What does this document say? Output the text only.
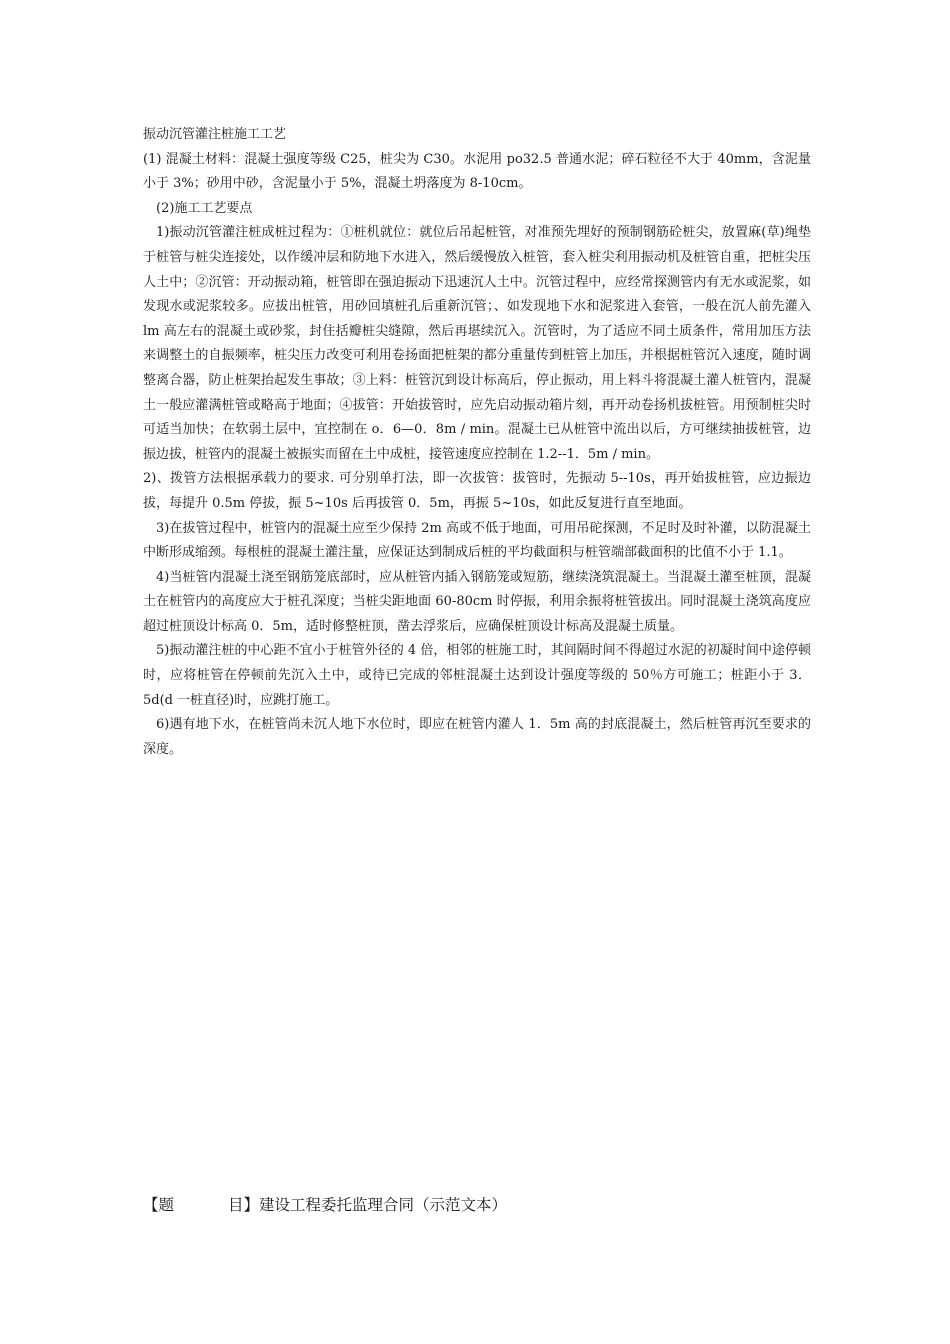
振动沉管灌注桩施工工艺

(1) 混凝土材料：混凝土强度等级 C25，桩尖为 C30。水泥用 po32.5 普通水泥；碎石粒径不大于 40mm，含泥量小于 3%；砂用中砂，含泥量小于 5%，混凝土坍落度为 8-10cm。

(2)施工工艺要点

1)振动沉管灌注桩成桩过程为：①桩机就位：就位后吊起桩管，对准预先埋好的预制钢筋砼桩尖，放置麻(草)绳垫于桩管与桩尖连接处，以作缓冲层和防地下水进入，然后缓慢放入桩管，套入桩尖利用振动机及桩管自重，把桩尖压人土中；②沉管：开动振动箱，桩管即在强迫振动下迅速沉人土中。沉管过程中，应经常探测管内有无水或泥浆，如发现水或泥浆较多。应拔出桩管，用砂回填桩孔后重新沉管；、如发现地下水和泥浆进入套管，一般在沉人前先灌入 lm 高左右的混凝土或砂浆，封住括瓣桩尖缝隙，然后再堪续沉入。沉管时，为了适应不同土质条件，常用加压方法来调整土的自振频率，桩尖压力改变可利用卷扬面把桩架的都分重量传到桩管上加压，并根据桩管沉入速度，随时调整离合器，防止桩架抬起发生事故；③上料：桩管沉到设计标高后，停止振动，用上料斗将混凝土灌人桩管内，混凝土一般应灌满桩管或略高于地面；④拔管：开始拔管时，应先启动振动箱片刻，再开动卷扬机拔桩管。用预制桩尖时可适当加快；在软弱土层中，宜控制在 o．6—0．8m / min。混凝土已从桩管中流出以后，方可继续抽拔桩管，边振边拔，桩管内的混凝土被振实而留在土中成桩，接管速度应控制在 1.2--1．5m / min。

2)、拨管方法根据承载力的要求. 可分别单打法，即一次拔管：拔管时，先振动 5--10s，再开始拔桩管，应边振边拔，每提升 0.5m 停拔，振 5~10s 后再拔管 0．5m，再振 5~10s，如此反复进行直至地面。

3)在拔管过程中，桩管内的混凝土应至少保持 2m 高或不低于地面，可用吊砣探测，不足时及时补灌，以防混凝土中断形成缩颈。每根桩的混凝土灌注量，应保证达到制成后桩的平均截面积与桩管端部截面积的比值不小于 1.1。

4)当桩管内混凝土浇至钢筋笼底部时，应从桩管内插入钢筋笼或短筋，继续浇筑混凝土。当混凝土灌至桩顶，混凝土在桩管内的高度应大于桩孔深度；当桩尖距地面 60-80cm 时停振，利用余振将桩管拔出。同时混凝土浇筑高度应超过桩顶设计标高 0．5m，适时修整桩顶，凿去浮浆后，应确保桩顶设计标高及混凝土质量。

5)振动灌注桩的中心距不宜小于桩管外径的 4 倍，相邻的桩施工时，其间隔时间不得超过水泥的初凝时间中途停顿时，应将桩管在停顿前先沉入土中，或待已完成的邻桩混凝土达到设计强度等级的 50％方可施工；桩距小于 3．5d(d 一桩直径)时，应跳打施工。

6)遇有地下水，在桩管尚未沉人地下水位时，即应在桩管内灌人 1．5m 高的封底混凝土，然后桩管再沉至要求的深度。

【题	目】建设工程委托监理合同（示范文本）
